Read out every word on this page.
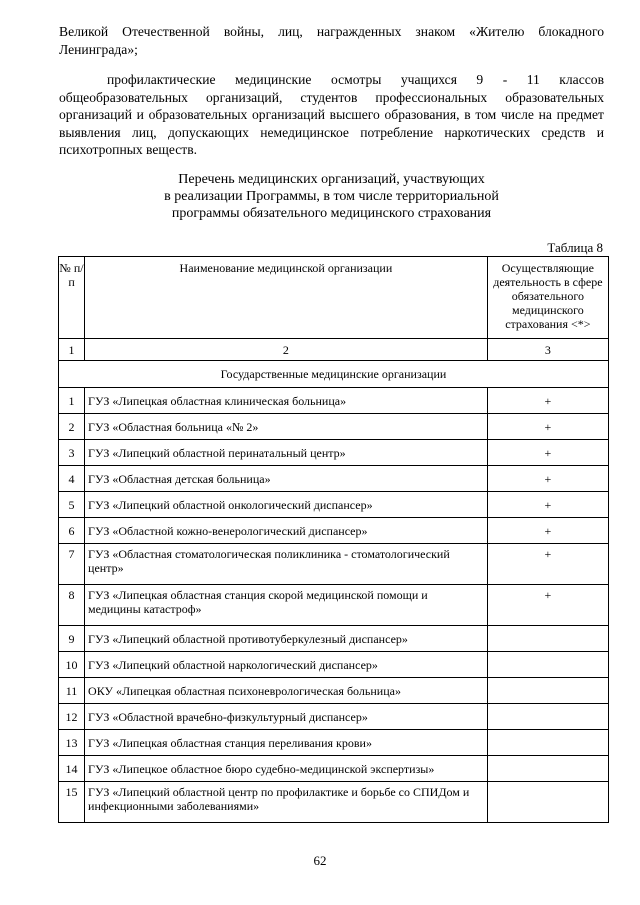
Великой Отечественной войны, лиц, награжденных знаком «Жителю блокадного Ленинграда»;
профилактические медицинские осмотры учащихся 9 - 11 классов общеобразовательных организаций, студентов профессиональных образовательных организаций и образовательных организаций высшего образования, в том числе на предмет выявления лиц, допускающих немедицинское потребление наркотических средств и психотропных веществ.
Перечень медицинских организаций, участвующих
в реализации Программы, в том числе территориальной
программы обязательного медицинского страхования
Таблица 8
№ п/п	Наименование медицинской организации	Осуществляющие деятельность в сфере обязательного медицинского страхования <*>
1	2	3
Государственные медицинские организации		
1	ГУЗ «Липецкая областная клиническая больница»	+
2	ГУЗ «Областная больница «№ 2»	+
3	ГУЗ «Липецкий областной перинатальный центр»	+
4	ГУЗ «Областная детская больница»	+
5	ГУЗ «Липецкий областной онкологический диспансер»	+
6	ГУЗ «Областной кожно-венерологический диспансер»	+
7	ГУЗ «Областная стоматологическая поликлиника - стоматологический центр»	+
8	ГУЗ «Липецкая областная станция скорой медицинской помощи и медицины катастроф»	+
9	ГУЗ «Липецкий областной противотуберкулезный диспансер»	
10	ГУЗ «Липецкий областной наркологический диспансер»	
11	ОКУ «Липецкая областная психоневрологическая больница»	
12	ГУЗ «Областной врачебно-физкультурный диспансер»	
13	ГУЗ «Липецкая областная станция переливания крови»	
14	ГУЗ «Липецкое областное бюро судебно-медицинской экспертизы»	
15	ГУЗ «Липецкий областной центр по профилактике и борьбе со СПИДом и инфекционными заболеваниями»	
62
